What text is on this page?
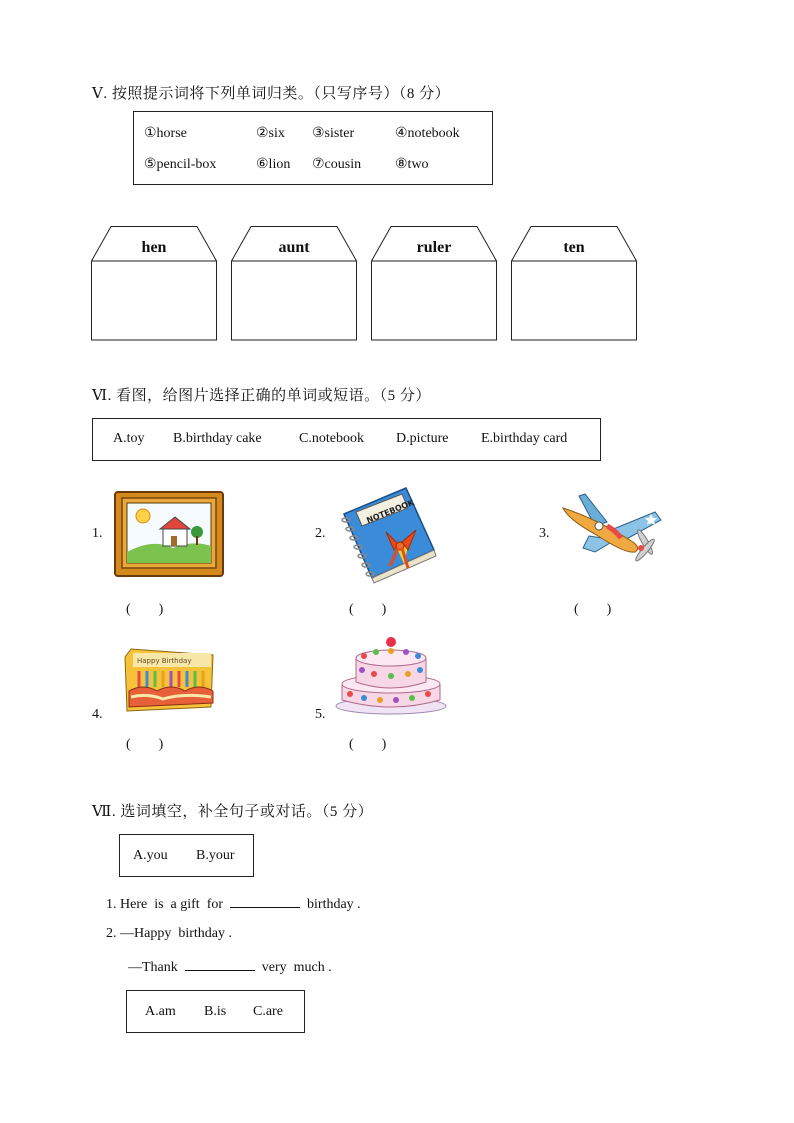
Ⅴ. 按照提示词将下列单词归类。（只写序号）（8 分）
①horse	②six ③sister	④notebook
⑤pencil-box	⑥lion ⑦cousin ⑧two
hen	aunt	ruler	ten
Ⅵ. 看图，给图片选择正确的单词或短语。（5 分）
A.toy B.birthday cake	C.notebook D.picture E.birthday card
1.
(        )
2.
NOTEBOOK
(        )
3.
(        )
4.
Happy Birthday
(        )
5.
(        )
Ⅶ. 选词填空，补全句子或对话。（5 分）
A.you B.your
1. Here  is  a gift  for	birthday .
2. —Happy  birthday .
—Thank	very  much .
A.am B.is C.are
